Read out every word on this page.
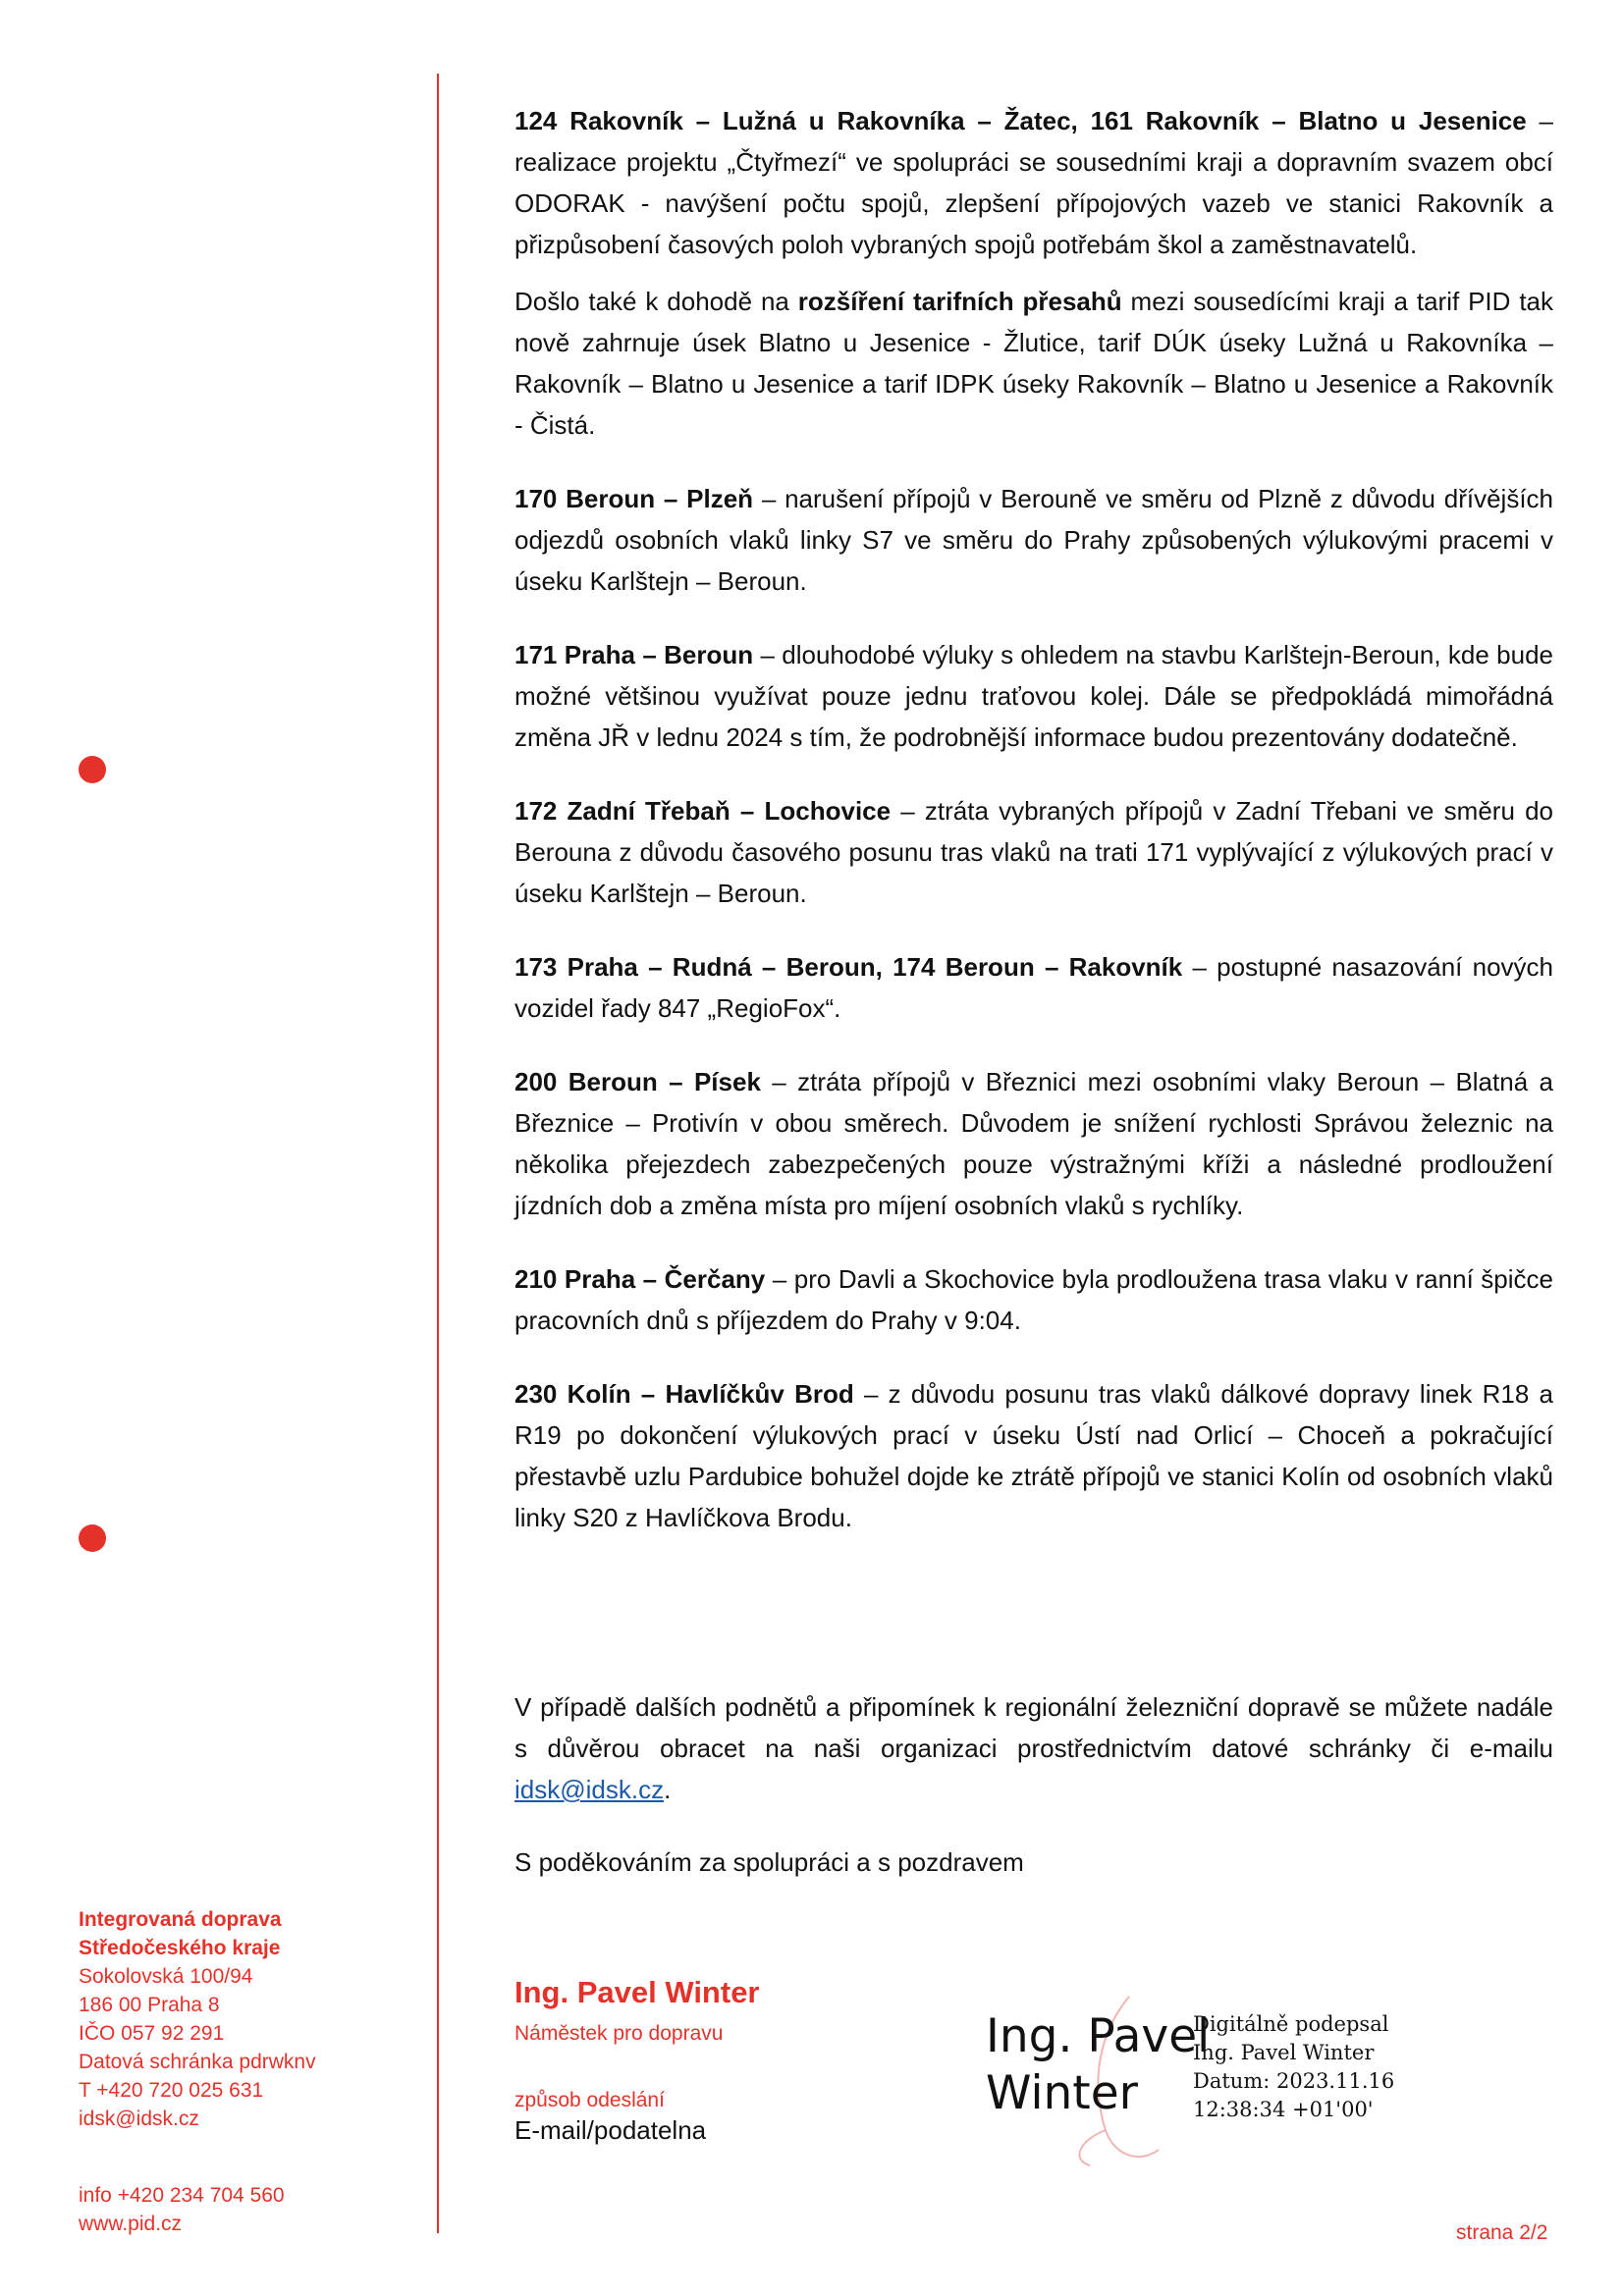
124 Rakovník – Lužná u Rakovníka – Žatec, 161 Rakovník – Blatno u Jesenice – realizace projektu „Čtyřmezí“ ve spolupráci se sousedními kraji a dopravním svazem obcí ODORAK - navýšení počtu spojů, zlepšení přípojových vazeb ve stanici Rakovník a přizpůsobení časových poloh vybraných spojů potřebám škol a zaměstnavatelů.

Došlo také k dohodě na rozšíření tarifních přesahů mezi sousedícími kraji a tarif PID tak nově zahrnuje úsek Blatno u Jesenice - Žlutice, tarif DÚK úseky Lužná u Rakovníka – Rakovník – Blatno u Jesenice a tarif IDPK úseky Rakovník – Blatno u Jesenice a Rakovník - Čistá.

170 Beroun – Plzeň – narušení přípojů v Berouně ve směru od Plzně z důvodu dřívějších odjezdů osobních vlaků linky S7 ve směru do Prahy způsobených výlukovými pracemi v úseku Karlštejn – Beroun.

171 Praha – Beroun – dlouhodobé výluky s ohledem na stavbu Karlštejn-Beroun, kde bude možné většinou využívat pouze jednu traťovou kolej. Dále se předpokládá mimořádná změna JŘ v lednu 2024 s tím, že podrobnější informace budou prezentovány dodatečně.

172 Zadní Třebaň – Lochovice – ztráta vybraných přípojů v Zadní Třebani ve směru do Berouna z důvodu časového posunu tras vlaků na trati 171 vyplývající z výlukových prací v úseku Karlštejn – Beroun.

173 Praha – Rudná – Beroun, 174 Beroun – Rakovník – postupné nasazování nových vozidel řady 847 „RegioFox“.

200 Beroun – Písek – ztráta přípojů v Březnici mezi osobními vlaky Beroun – Blatná a Březnice – Protivín v obou směrech. Důvodem je snížení rychlosti Správou železnic na několika přejezdech zabezpečených pouze výstražnými kříži a následné prodloužení jízdních dob a změna místa pro míjení osobních vlaků s rychlíky.

210 Praha – Čerčany – pro Davli a Skochovice byla prodloužena trasa vlaku v ranní špičce pracovních dnů s příjezdem do Prahy v 9:04.

230 Kolín – Havlíčkův Brod – z důvodu posunu tras vlaků dálkové dopravy linek R18 a R19 po dokončení výlukových prací v úseku Ústí nad Orlicí – Choceň a pokračující přestavbě uzlu Pardubice bohužel dojde ke ztrátě přípojů ve stanici Kolín od osobních vlaků linky S20 z Havlíčkova Brodu.

V případě dalších podnětů a připomínek k regionální železniční dopravě se můžete nadále s důvěrou obracet na naši organizaci prostřednictvím datové schránky či e-mailu idsk@idsk.cz.

S poděkováním za spolupráci a s pozdravem

Ing. Pavel Winter
Náměstek pro dopravu
způsob odeslání
E-mail/podatelna
Ing. Pavel
Winter
Digitálně podepsal
Ing. Pavel Winter
Datum: 2023.11.16
12:38:34 +01'00'
Integrovaná doprava
Středočeského kraje
Sokolovská 100/94
186 00 Praha 8
IČO 057 92 291
Datová schránka pdrwknv
T +420 720 025 631
idsk@idsk.cz
info +420 234 704 560
www.pid.cz	strana 2/2
